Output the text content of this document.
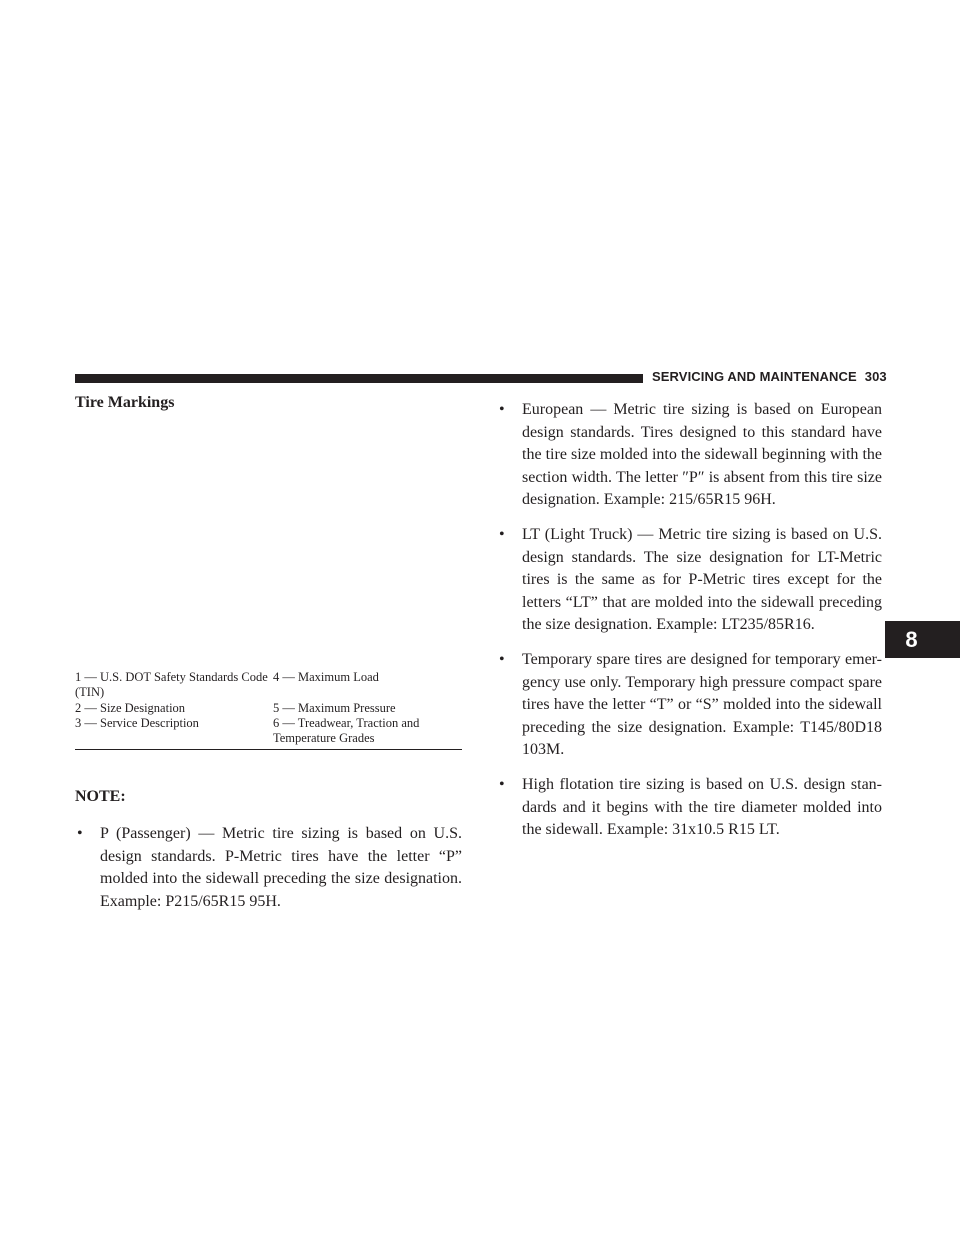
SERVICING AND MAINTENANCE 303
8
Tire Markings
1 — U.S. DOT Safety Standards Code (TIN)
4 — Maximum Load
2 — Size Designation	5 — Maximum Pressure
3 — Service Description	6 — Treadwear, Traction and Temperature Grades
NOTE:
• P (Passenger) — Metric tire sizing is based on U.S. design standards. P-Metric tires have the letter “P” molded into the sidewall preceding the size designation. Example: P215/65R15 95H.
• European — Metric tire sizing is based on European design standards. Tires designed to this standard have the tire size molded into the sidewall beginning with the section width. The letter ″P″ is absent from this tire size designation. Example: 215/65R15 96H.
• LT (Light Truck) — Metric tire sizing is based on U.S. design standards. The size designation for LT-Metric tires is the same as for P-Metric tires except for the letters “LT” that are molded into the sidewall preceding the size designation. Example: LT235/85R16.
• Temporary spare tires are designed for temporary emer-gency use only. Temporary high pressure compact spare tires have the letter “T” or “S” molded into the sidewall preceding the size designation. Example: T145/80D18 103M.
• High flotation tire sizing is based on U.S. design stan-dards and it begins with the tire diameter molded into the sidewall. Example: 31x10.5 R15 LT.
